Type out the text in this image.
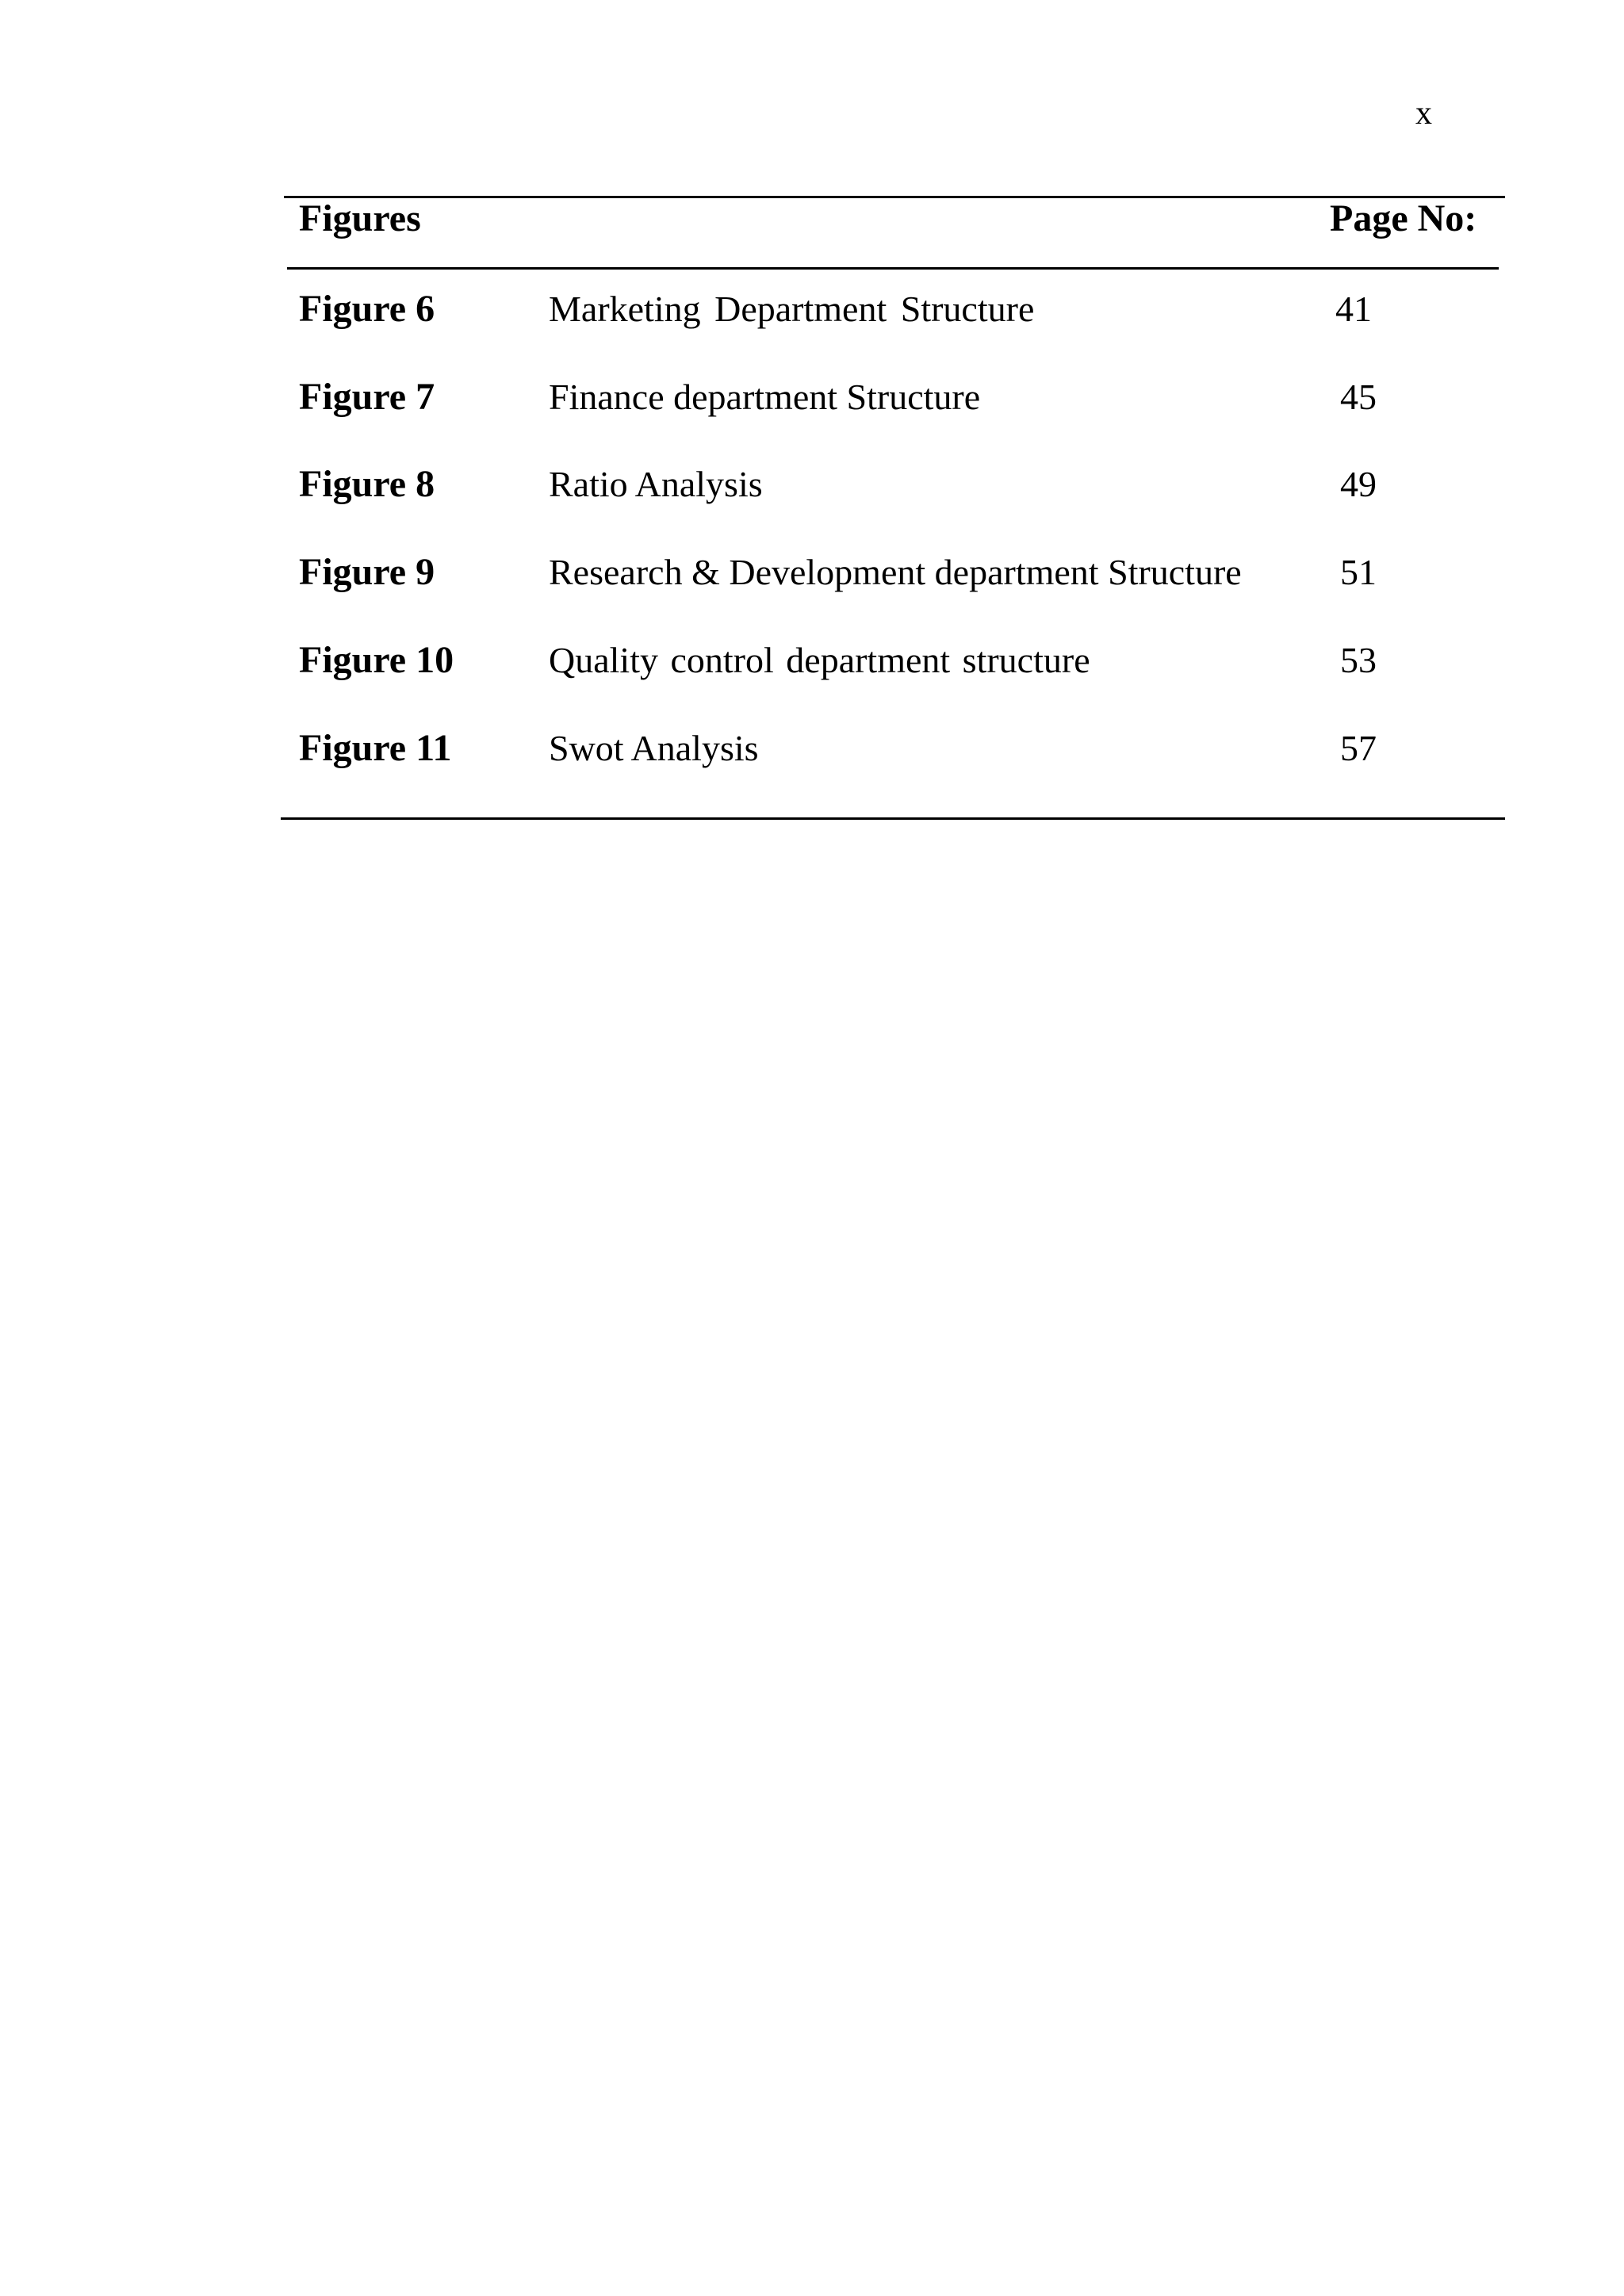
x
Figures	Page No:
Figure 6	Marketing Department Structure	41
Figure 7	Finance department Structure	45
Figure 8	Ratio Analysis	49
Figure 9	Research & Development department Structure	51
Figure 10	Quality control department structure	53
Figure 11	Swot Analysis	57
